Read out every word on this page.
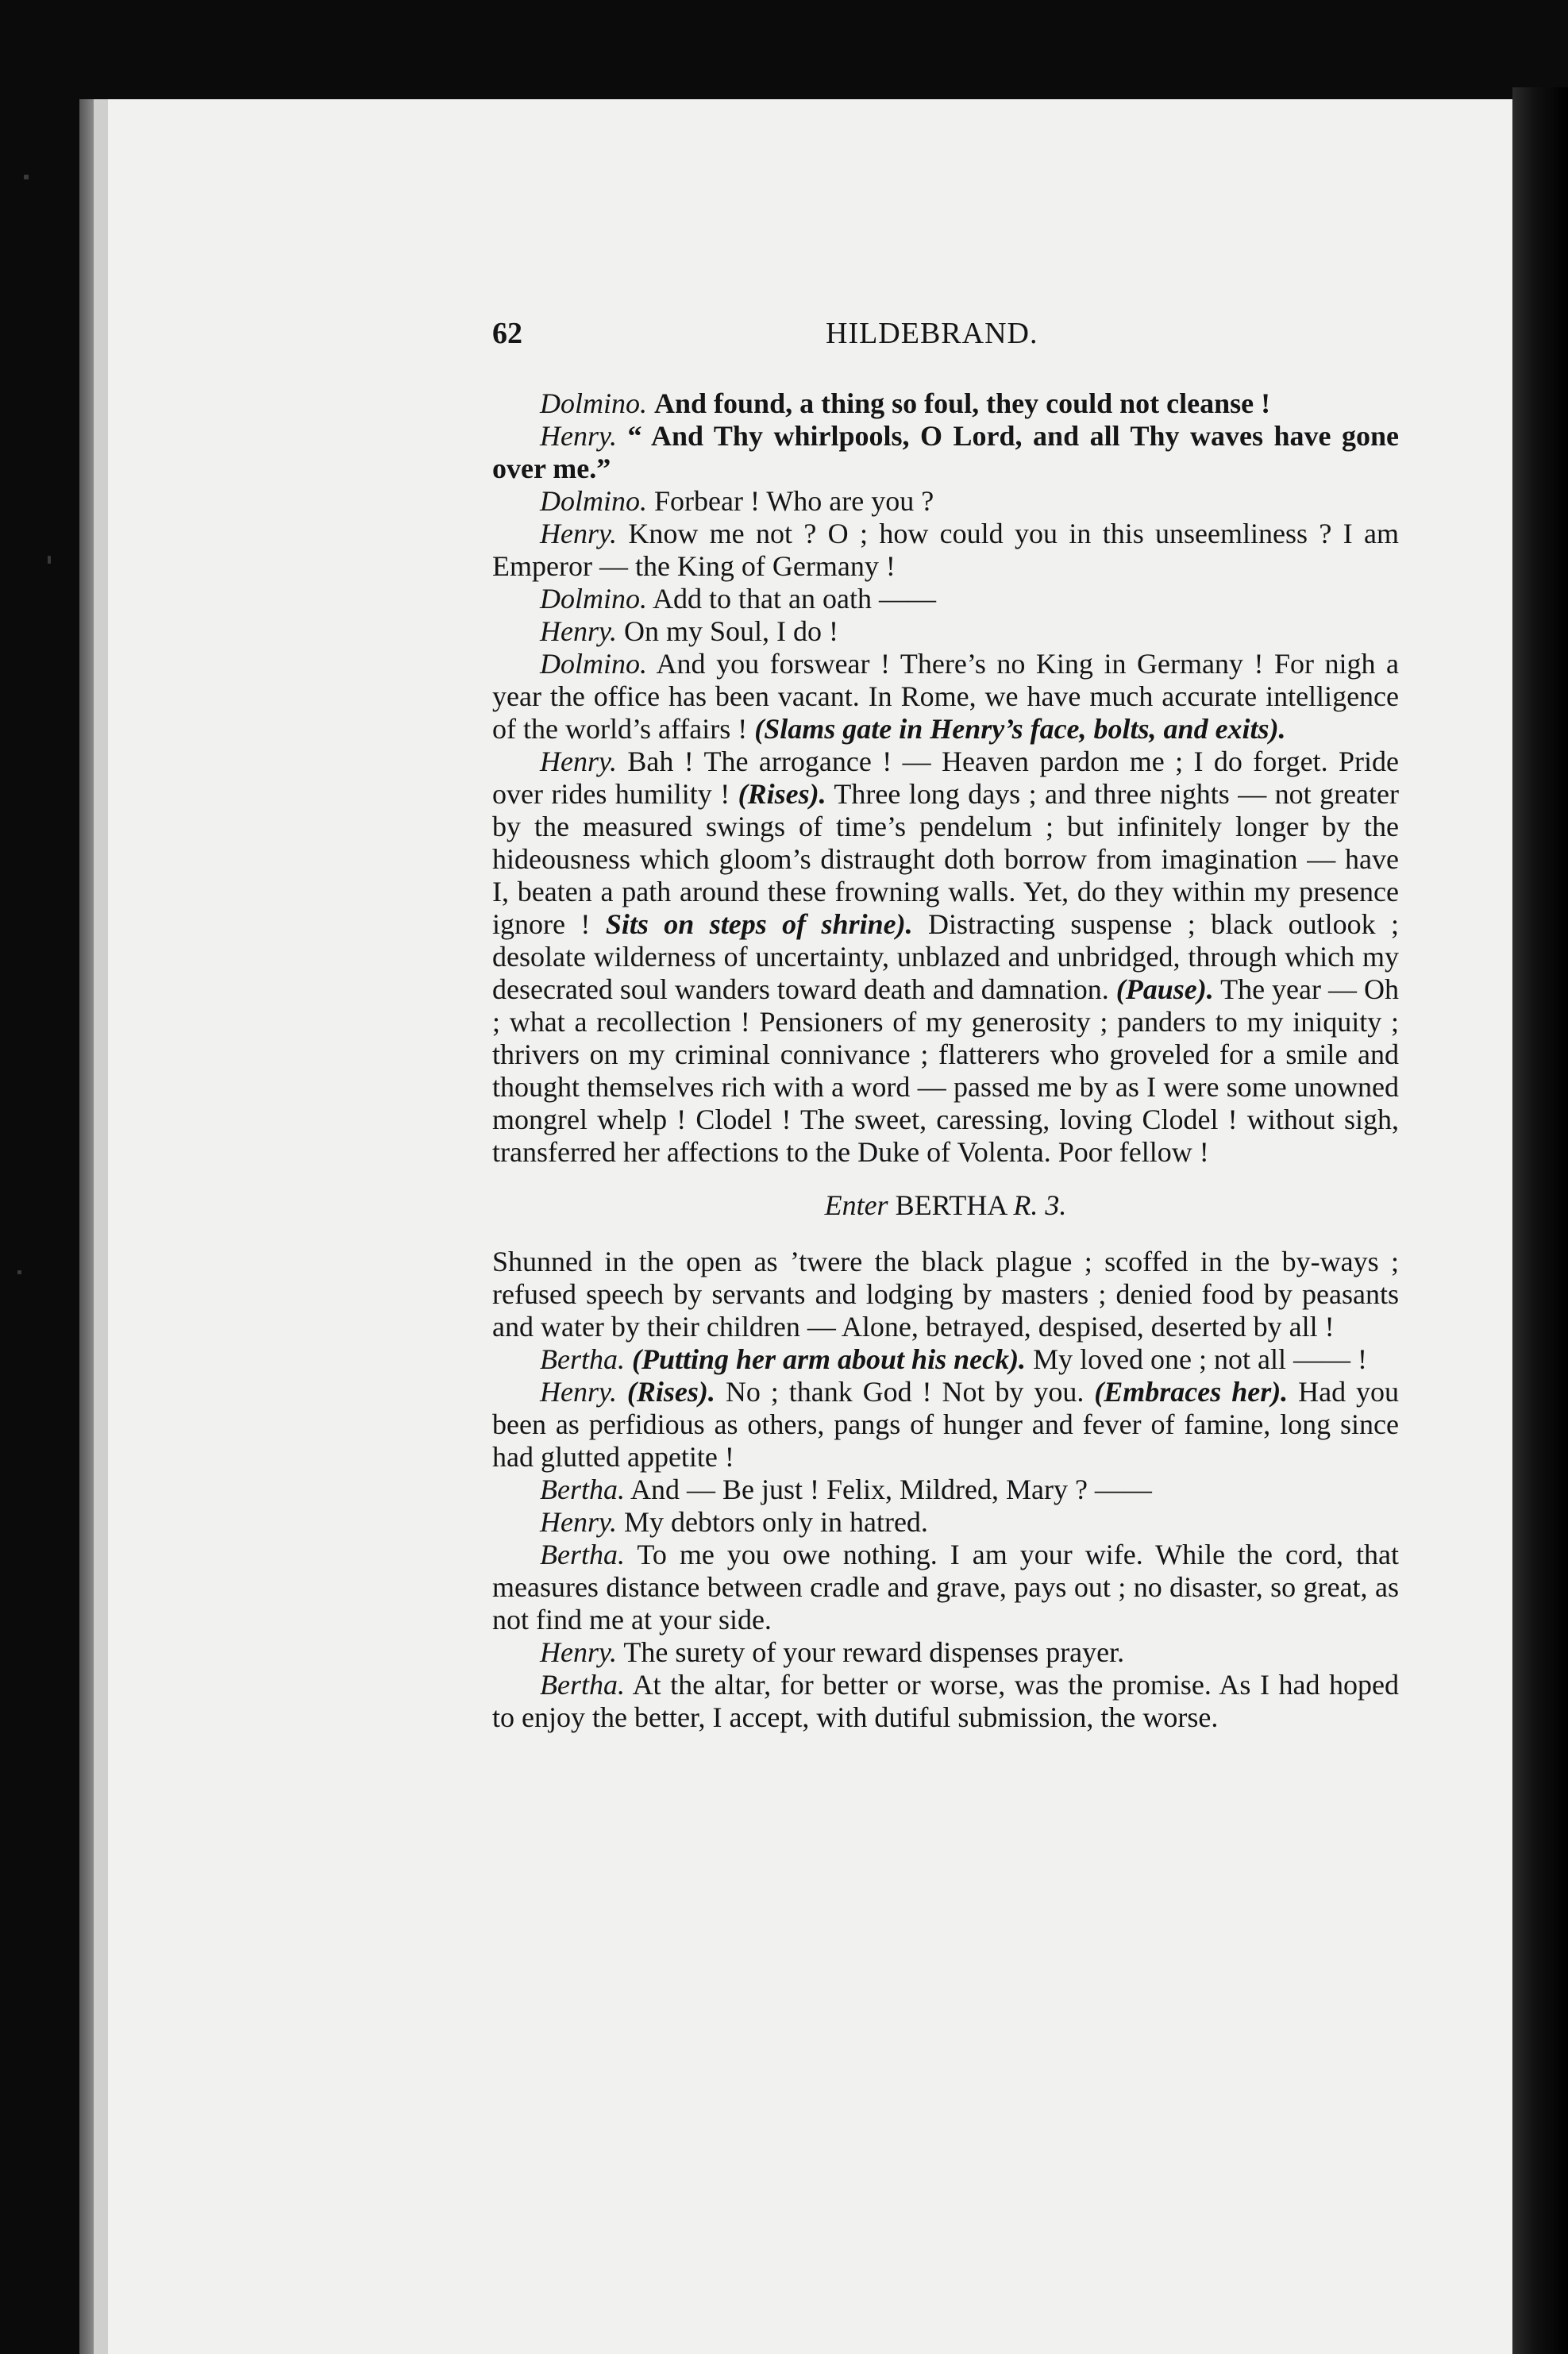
62	HILDEBRAND.

Dolmino. And found, a thing so foul, they could not cleanse !

Henry. “ And Thy whirlpools, O Lord, and all Thy waves have gone over me.”

Dolmino. Forbear ! Who are you ?

Henry. Know me not ? O ; how could you in this unseemliness ? I am Emperor — the King of Germany !

Dolmino. Add to that an oath ——

Henry. On my Soul, I do !

Dolmino. And you forswear ! There’s no King in Germany ! For nigh a year the office has been vacant. In Rome, we have much accurate intelligence of the world’s affairs ! (Slams gate in Henry’s face, bolts, and exits).

Henry. Bah ! The arrogance ! — Heaven pardon me ; I do forget. Pride over rides humility ! (Rises). Three long days ; and three nights — not greater by the measured swings of time’s pendelum ; but infinitely longer by the hideousness which gloom’s distraught doth borrow from imagination — have I, beaten a path around these frowning walls. Yet, do they within my presence ignore ! Sits on steps of shrine). Distracting suspense ; black outlook ; desolate wilderness of uncertainty, unblazed and unbridged, through which my desecrated soul wanders toward death and damnation. (Pause). The year — Oh ; what a recollection ! Pensioners of my generosity ; panders to my iniquity ; thrivers on my criminal connivance ; flatterers who groveled for a smile and thought themselves rich with a word — passed me by as I were some unowned mongrel whelp ! Clodel ! The sweet, caressing, loving Clodel ! without sigh, transferred her affections to the Duke of Volenta. Poor fellow !

Enter BERTHA R. 3.

Shunned in the open as ’twere the black plague ; scoffed in the by-ways ; refused speech by servants and lodging by masters ; denied food by peasants and water by their children — Alone, betrayed, despised, deserted by all !

Bertha. (Putting her arm about his neck). My loved one ; not all —— !

Henry. (Rises). No ; thank God ! Not by you. (Embraces her). Had you been as perfidious as others, pangs of hunger and fever of famine, long since had glutted appetite !

Bertha. And — Be just ! Felix, Mildred, Mary ? ——

Henry. My debtors only in hatred.

Bertha. To me you owe nothing. I am your wife. While the cord, that measures distance between cradle and grave, pays out ; no disaster, so great, as not find me at your side.

Henry. The surety of your reward dispenses prayer.

Bertha. At the altar, for better or worse, was the promise. As I had hoped to enjoy the better, I accept, with dutiful submission, the worse.
